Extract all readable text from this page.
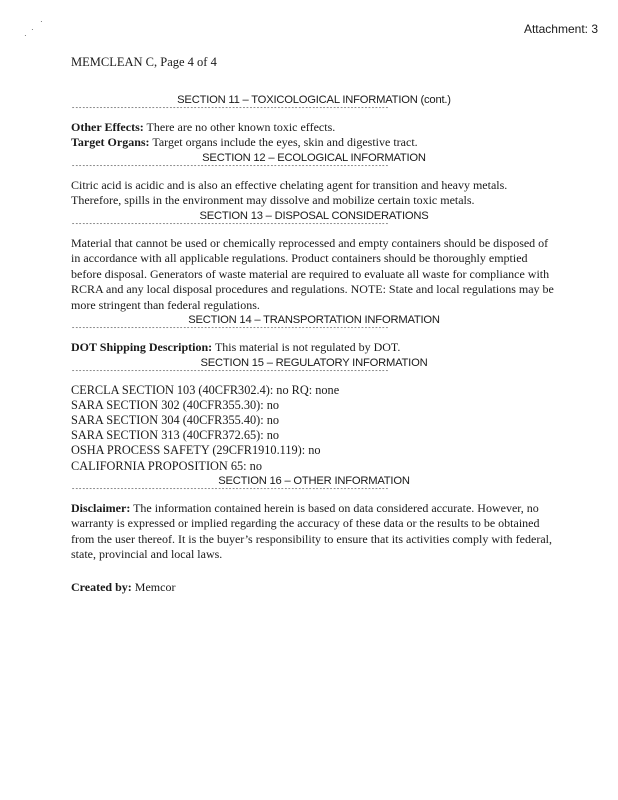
·
·
·	Attachment: 3
MEMCLEAN C, Page 4 of 4
SECTION 11 – TOXICOLOGICAL INFORMATION (cont.)
*******************************************************************************************

Other Effects: There are no other known toxic effects.

Target Organs: Target organs include the eyes, skin and digestive tract.

SECTION 12 – ECOLOGICAL INFORMATION
*******************************************************************************************

Citric acid is acidic and is also an effective chelating agent for transition and heavy metals. Therefore, spills in the environment may dissolve and mobilize certain toxic metals.

SECTION 13 – DISPOSAL CONSIDERATIONS
*******************************************************************************************

Material that cannot be used or chemically reprocessed and empty containers should be disposed of in accordance with all applicable regulations. Product containers should be thoroughly emptied before disposal. Generators of waste material are required to evaluate all waste for compliance with RCRA and any local disposal procedures and regulations. NOTE: State and local regulations may be more stringent than federal regulations.

SECTION 14 – TRANSPORTATION INFORMATION
*******************************************************************************************

DOT Shipping Description: This material is not regulated by DOT.

SECTION 15 – REGULATORY INFORMATION
*******************************************************************************************
CERCLA SECTION 103 (40CFR302.4): no RQ: none
SARA SECTION 302 (40CFR355.30): no
SARA SECTION 304 (40CFR355.40): no
SARA SECTION 313 (40CFR372.65): no
OSHA PROCESS SAFETY (29CFR1910.119): no
CALIFORNIA PROPOSITION 65: no
SECTION 16 – OTHER INFORMATION
*******************************************************************************************

Disclaimer: The information contained herein is based on data considered accurate. However, no warranty is expressed or implied regarding the accuracy of these data or the results to be obtained from the user thereof. It is the buyer’s responsibility to ensure that its activities comply with federal, state, provincial and local laws.

Created by: Memcor
